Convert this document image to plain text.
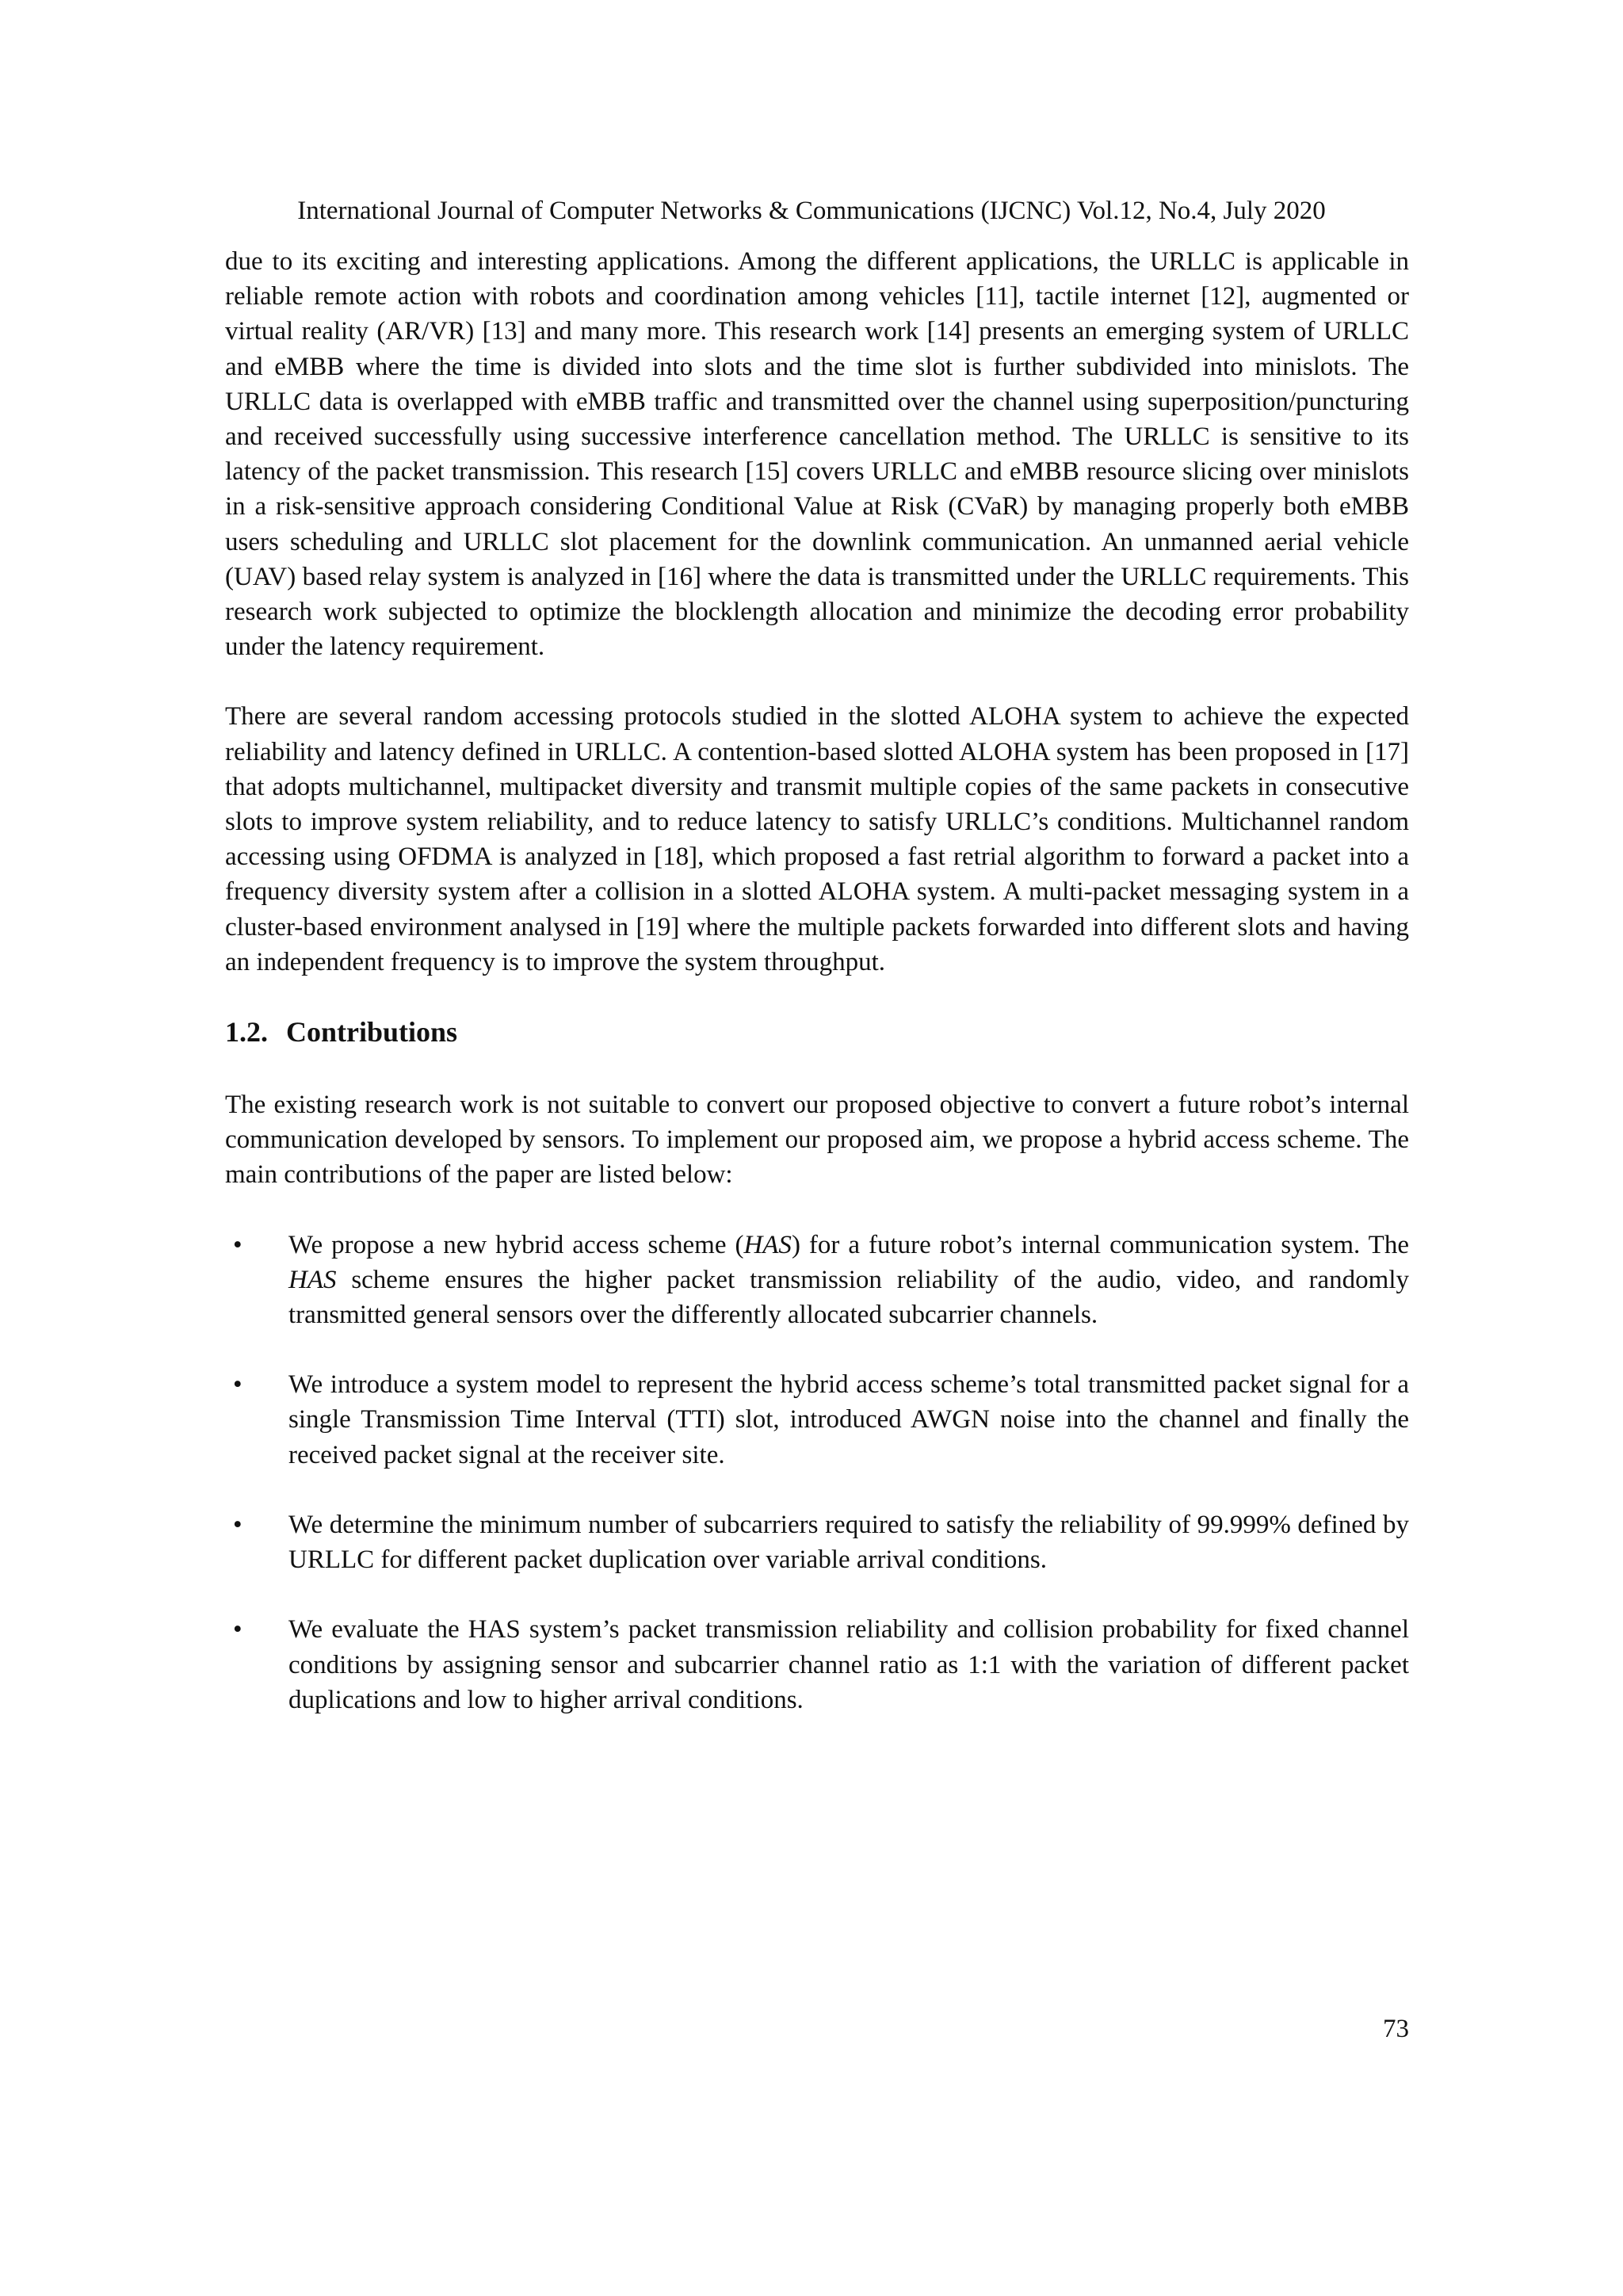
International Journal of Computer Networks & Communications (IJCNC) Vol.12, No.4, July 2020

due to its exciting and interesting applications. Among the different applications, the URLLC is applicable in reliable remote action with robots and coordination among vehicles [11], tactile internet [12], augmented or virtual reality (AR/VR) [13] and many more. This research work [14] presents an emerging system of URLLC and eMBB where the time is divided into slots and the time slot is further subdivided into minislots. The URLLC data is overlapped with eMBB traffic and transmitted over the channel using superposition/puncturing and received successfully using successive interference cancellation method. The URLLC is sensitive to its latency of the packet transmission. This research [15] covers URLLC and eMBB resource slicing over minislots in a risk-sensitive approach considering Conditional Value at Risk (CVaR) by managing properly both eMBB users scheduling and URLLC slot placement for the downlink communication. An unmanned aerial vehicle (UAV) based relay system is analyzed in [16] where the data is transmitted under the URLLC requirements. This research work subjected to optimize the blocklength allocation and minimize the decoding error probability under the latency requirement.

There are several random accessing protocols studied in the slotted ALOHA system to achieve the expected reliability and latency defined in URLLC. A contention-based slotted ALOHA system has been proposed in [17] that adopts multichannel, multipacket diversity and transmit multiple copies of the same packets in consecutive slots to improve system reliability, and to reduce latency to satisfy URLLC’s conditions. Multichannel random accessing using OFDMA is analyzed in [18], which proposed a fast retrial algorithm to forward a packet into a frequency diversity system after a collision in a slotted ALOHA system. A multi-packet messaging system in a cluster-based environment analysed in [19] where the multiple packets forwarded into different slots and having an independent frequency is to improve the system throughput.

1.2. Contributions

The existing research work is not suitable to convert our proposed objective to convert a future robot’s internal communication developed by sensors. To implement our proposed aim, we propose a hybrid access scheme. The main contributions of the paper are listed below:

•	We propose a new hybrid access scheme (HAS) for a future robot’s internal communication system. The HAS scheme ensures the higher packet transmission reliability of the audio, video, and randomly transmitted general sensors over the differently allocated subcarrier channels.
•	We introduce a system model to represent the hybrid access scheme’s total transmitted packet signal for a single Transmission Time Interval (TTI) slot, introduced AWGN noise into the channel and finally the received packet signal at the receiver site.
•	We determine the minimum number of subcarriers required to satisfy the reliability of 99.999% defined by URLLC for different packet duplication over variable arrival conditions.
•	We evaluate the HAS system’s packet transmission reliability and collision probability for fixed channel conditions by assigning sensor and subcarrier channel ratio as 1:1 with the variation of different packet duplications and low to higher arrival conditions.

73
